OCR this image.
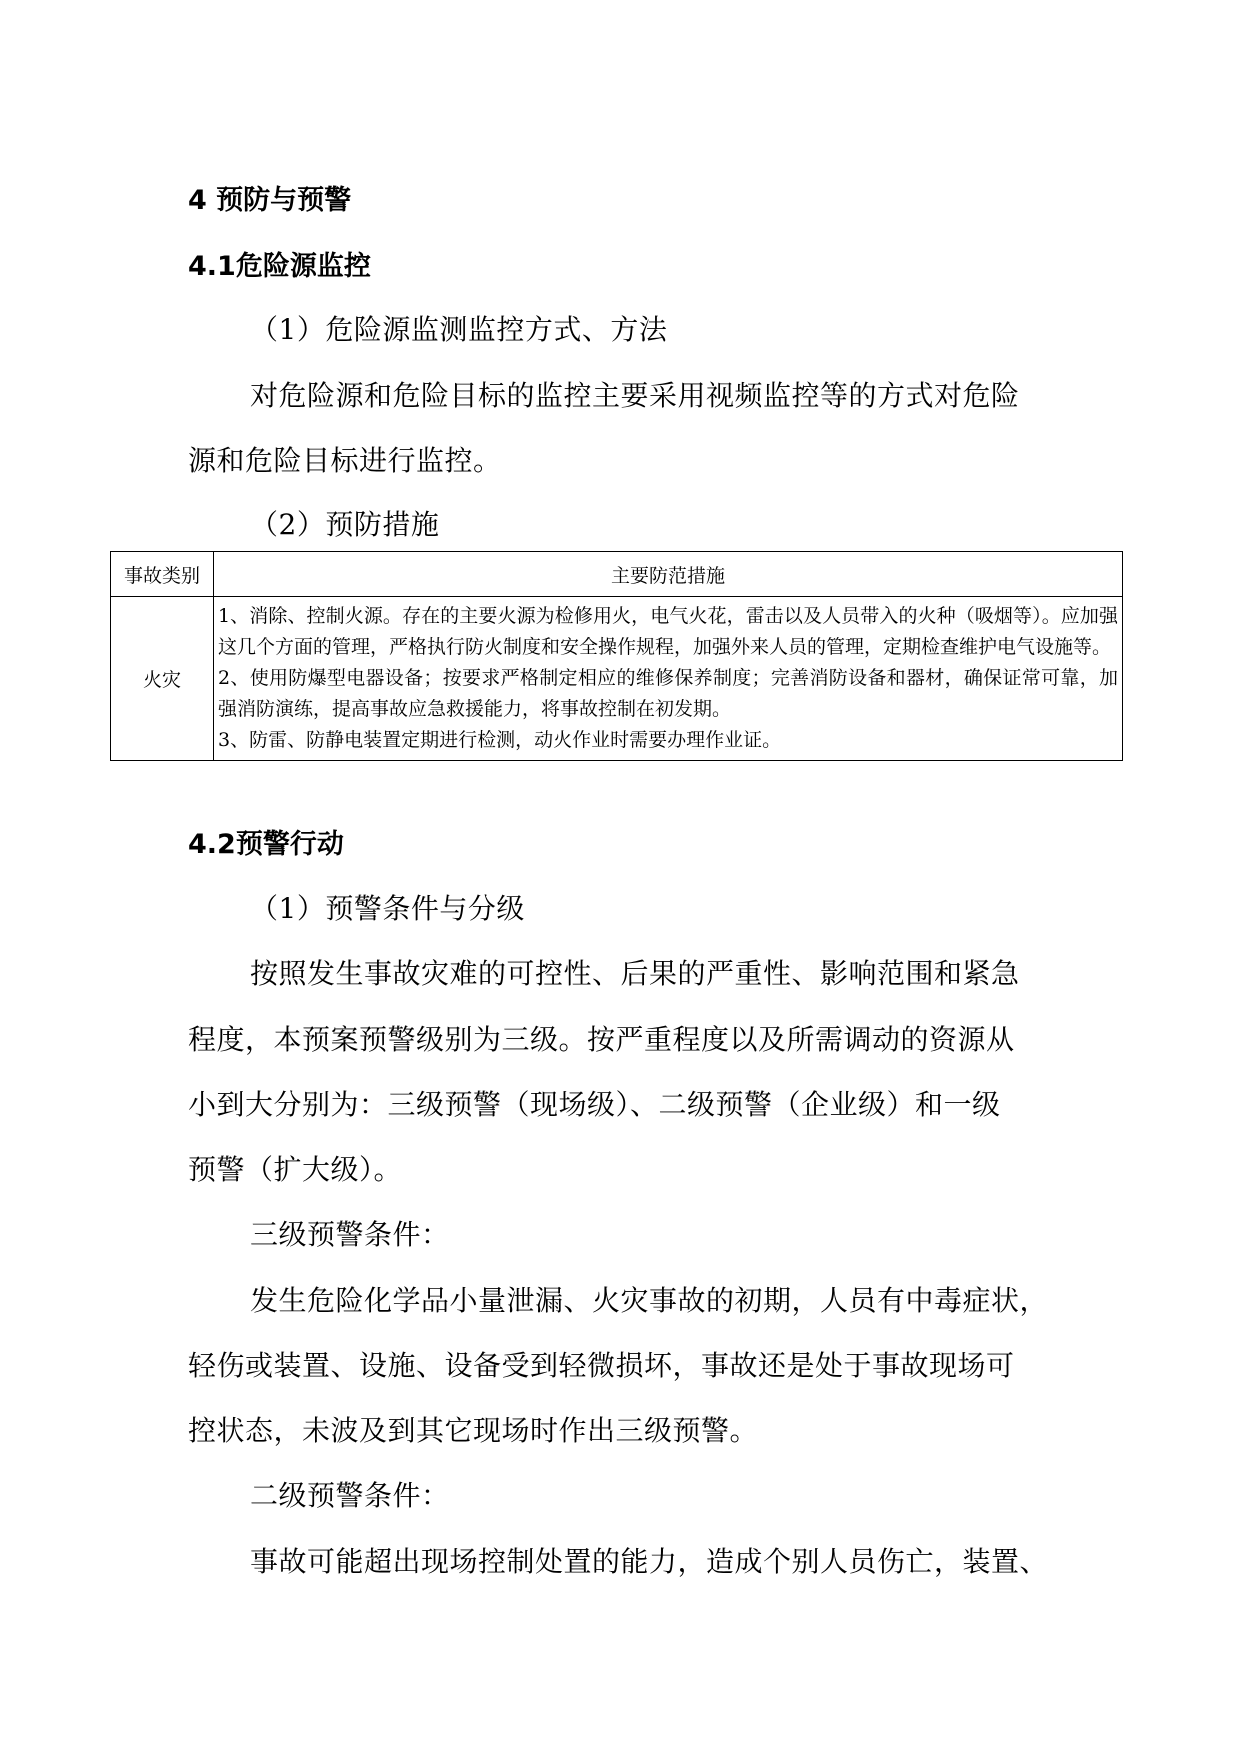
4 预防与预警
4.1危险源监控
（1）危险源监测监控方式、方法
对危险源和危险目标的监控主要采用视频监控等的方式对危险
源和危险目标进行监控。
（2）预防措施
事故类别	主要防范措施
火灾	1、消除、控制火源。存在的主要火源为检修用火，电气火花，雷击以及人员带入的火种（吸烟等）。应加强这几个方面的管理，严格执行防火制度和安全操作规程，加强外来人员的管理，定期检查维护电气设施等。
2、使用防爆型电器设备；按要求严格制定相应的维修保养制度；完善消防设备和器材，确保证常可靠，加强消防演练，提高事故应急救援能力，将事故控制在初发期。
3、防雷、防静电装置定期进行检测，动火作业时需要办理作业证。
4.2预警行动
（1）预警条件与分级
按照发生事故灾难的可控性、后果的严重性、影响范围和紧急
程度，本预案预警级别为三级。按严重程度以及所需调动的资源从
小到大分别为：三级预警（现场级）、二级预警（企业级）和一级
预警（扩大级）。
三级预警条件：
发生危险化学品小量泄漏、火灾事故的初期，人员有中毒症状，
轻伤或装置、设施、设备受到轻微损坏，事故还是处于事故现场可
控状态，未波及到其它现场时作出三级预警。
二级预警条件：
事故可能超出现场控制处置的能力，造成个别人员伤亡，装置、
